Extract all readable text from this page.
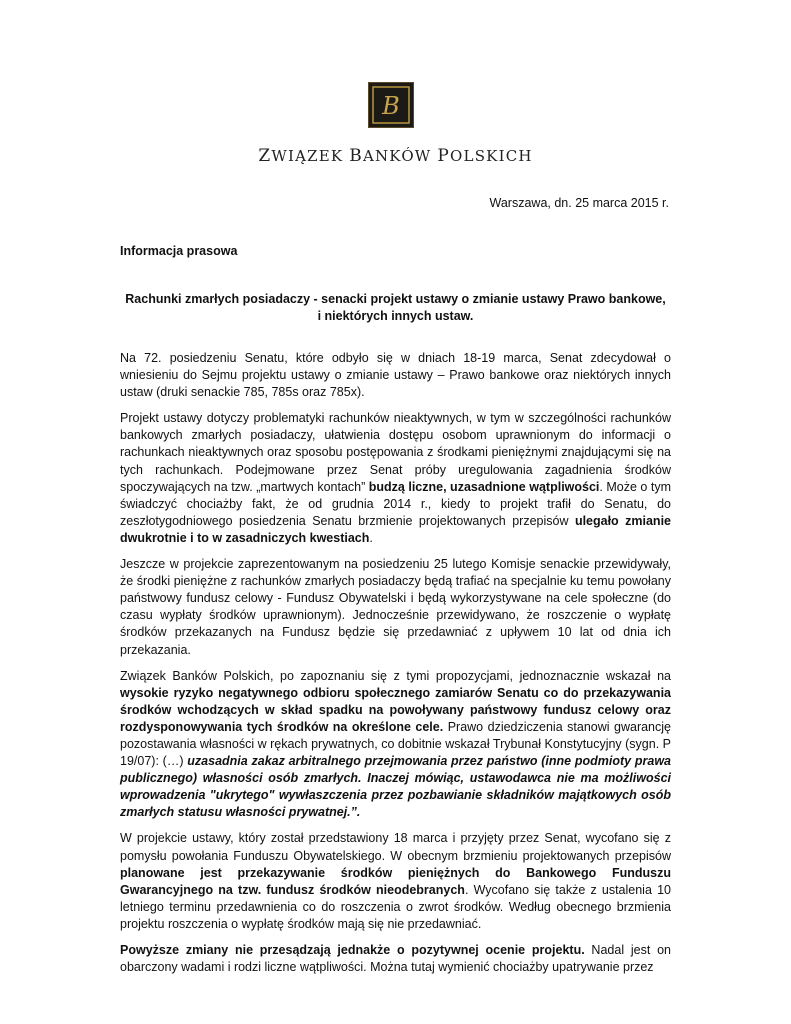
B
ZWIĄZEK BANKÓW POLSKICH
Warszawa, dn. 25 marca 2015 r.
Informacja prasowa
Rachunki zmarłych posiadaczy - senacki projekt ustawy o zmianie ustawy Prawo bankowe,
i niektórych innych ustaw.

Na 72. posiedzeniu Senatu, które odbyło się w dniach 18-19 marca, Senat zdecydował o wniesieniu do Sejmu projektu ustawy o zmianie ustawy – Prawo bankowe oraz niektórych innych ustaw (druki senackie 785, 785s oraz 785x).

Projekt ustawy dotyczy problematyki rachunków nieaktywnych, w tym w szczególności rachunków bankowych zmarłych posiadaczy, ułatwienia dostępu osobom uprawnionym do informacji o rachunkach nieaktywnych oraz sposobu postępowania z środkami pieniężnymi znajdującymi się na tych rachunkach. Podejmowane przez Senat próby uregulowania zagadnienia środków spoczywających na tzw. „martwych kontach” budzą liczne, uzasadnione wątpliwości. Może o tym świadczyć chociażby fakt, że od grudnia 2014 r., kiedy to projekt trafił do Senatu, do zeszłotygodniowego posiedzenia Senatu brzmienie projektowanych przepisów ulegało zmianie dwukrotnie i to w zasadniczych kwestiach.

Jeszcze w projekcie zaprezentowanym na posiedzeniu 25 lutego Komisje senackie przewidywały, że środki pieniężne z rachunków zmarłych posiadaczy będą trafiać na specjalnie ku temu powołany państwowy fundusz celowy - Fundusz Obywatelski i będą wykorzystywane na cele społeczne (do czasu wypłaty środków uprawnionym). Jednocześnie przewidywano, że roszczenie o wypłatę środków przekazanych na Fundusz będzie się przedawniać z upływem 10 lat od dnia ich przekazania.

Związek Banków Polskich, po zapoznaniu się z tymi propozycjami, jednoznacznie wskazał na wysokie ryzyko negatywnego odbioru społecznego zamiarów Senatu co do przekazywania środków wchodzących w skład spadku na powoływany państwowy fundusz celowy oraz rozdysponowywania tych środków na określone cele. Prawo dziedziczenia stanowi gwarancję pozostawania własności w rękach prywatnych, co dobitnie wskazał Trybunał Konstytucyjny (sygn. P 19/07): (…) uzasadnia zakaz arbitralnego przejmowania przez państwo (inne podmioty prawa publicznego) własności osób zmarłych. Inaczej mówiąc, ustawodawca nie ma możliwości wprowadzenia "ukrytego" wywłaszczenia przez pozbawianie składników majątkowych osób zmarłych statusu własności prywatnej.”.

W projekcie ustawy, który został przedstawiony 18 marca i przyjęty przez Senat, wycofano się z pomysłu powołania Funduszu Obywatelskiego. W obecnym brzmieniu projektowanych przepisów planowane jest przekazywanie środków pieniężnych do Bankowego Funduszu Gwarancyjnego na tzw. fundusz środków nieodebranych. Wycofano się także z ustalenia 10 letniego terminu przedawnienia co do roszczenia o zwrot środków. Według obecnego brzmienia projektu roszczenia o wypłatę środków mają się nie przedawniać.

Powyższe zmiany nie przesądzają jednakże o pozytywnej ocenie projektu. Nadal jest on obarczony wadami i rodzi liczne wątpliwości. Można tutaj wymienić chociażby upatrywanie przez
